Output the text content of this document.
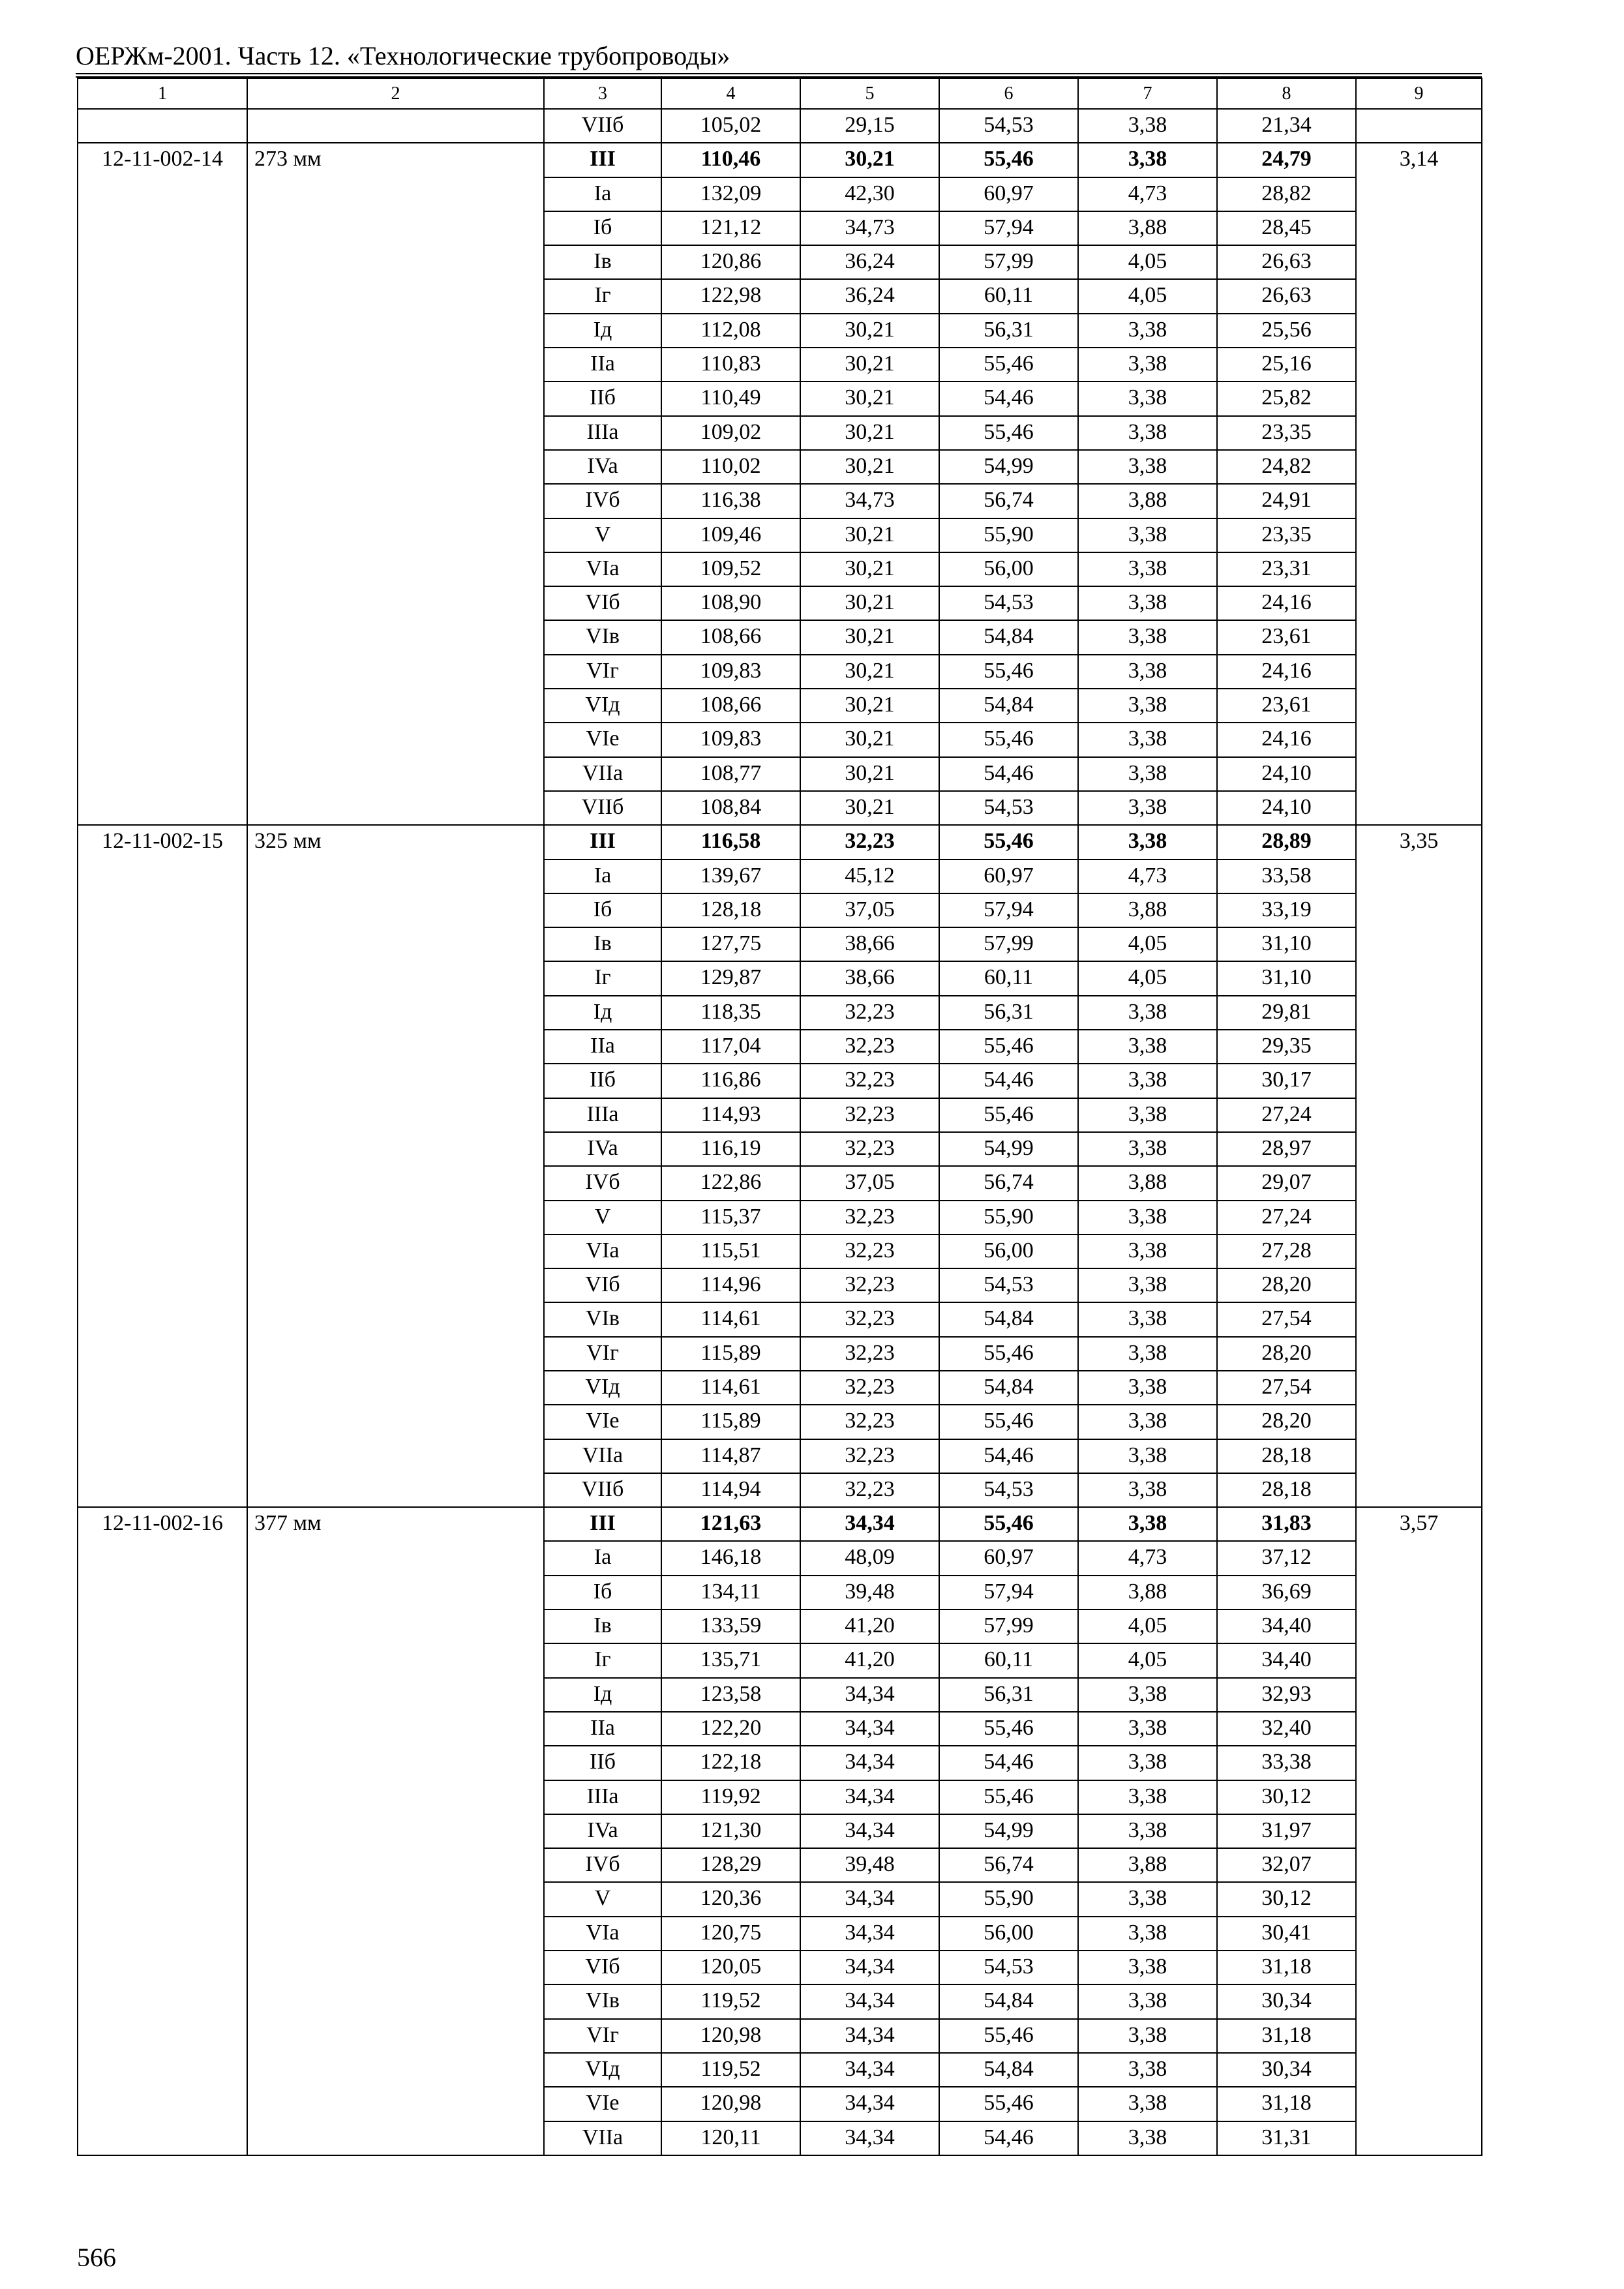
ОЕРЖм-2001. Часть 12. «Технологические трубопроводы»
1	2	3	4	5	6	7	8	9
		VIIб	105,02	29,15	54,53	3,38	21,34	
12-11-002-14	273 мм	III	110,46	30,21	55,46	3,38	24,79	3,14
		Ia	132,09	42,30	60,97	4,73	28,82	
		Iб	121,12	34,73	57,94	3,88	28,45	
		Iв	120,86	36,24	57,99	4,05	26,63	
		Iг	122,98	36,24	60,11	4,05	26,63	
		Iд	112,08	30,21	56,31	3,38	25,56	
		IIa	110,83	30,21	55,46	3,38	25,16	
		IIб	110,49	30,21	54,46	3,38	25,82	
		IIIa	109,02	30,21	55,46	3,38	23,35	
		IVa	110,02	30,21	54,99	3,38	24,82	
		IVб	116,38	34,73	56,74	3,88	24,91	
		V	109,46	30,21	55,90	3,38	23,35	
		VIa	109,52	30,21	56,00	3,38	23,31	
		VIб	108,90	30,21	54,53	3,38	24,16	
		VIв	108,66	30,21	54,84	3,38	23,61	
		VIг	109,83	30,21	55,46	3,38	24,16	
		VIд	108,66	30,21	54,84	3,38	23,61	
		VIe	109,83	30,21	55,46	3,38	24,16	
		VIIa	108,77	30,21	54,46	3,38	24,10	
		VIIб	108,84	30,21	54,53	3,38	24,10	
12-11-002-15	325 мм	III	116,58	32,23	55,46	3,38	28,89	3,35
		Ia	139,67	45,12	60,97	4,73	33,58	
		Iб	128,18	37,05	57,94	3,88	33,19	
		Iв	127,75	38,66	57,99	4,05	31,10	
		Iг	129,87	38,66	60,11	4,05	31,10	
		Iд	118,35	32,23	56,31	3,38	29,81	
		IIa	117,04	32,23	55,46	3,38	29,35	
		IIб	116,86	32,23	54,46	3,38	30,17	
		IIIa	114,93	32,23	55,46	3,38	27,24	
		IVa	116,19	32,23	54,99	3,38	28,97	
		IVб	122,86	37,05	56,74	3,88	29,07	
		V	115,37	32,23	55,90	3,38	27,24	
		VIa	115,51	32,23	56,00	3,38	27,28	
		VIб	114,96	32,23	54,53	3,38	28,20	
		VIв	114,61	32,23	54,84	3,38	27,54	
		VIг	115,89	32,23	55,46	3,38	28,20	
		VIд	114,61	32,23	54,84	3,38	27,54	
		VIe	115,89	32,23	55,46	3,38	28,20	
		VIIa	114,87	32,23	54,46	3,38	28,18	
		VIIб	114,94	32,23	54,53	3,38	28,18	
12-11-002-16	377 мм	III	121,63	34,34	55,46	3,38	31,83	3,57
		Ia	146,18	48,09	60,97	4,73	37,12	
		Iб	134,11	39,48	57,94	3,88	36,69	
		Iв	133,59	41,20	57,99	4,05	34,40	
		Iг	135,71	41,20	60,11	4,05	34,40	
		Iд	123,58	34,34	56,31	3,38	32,93	
		IIa	122,20	34,34	55,46	3,38	32,40	
		IIб	122,18	34,34	54,46	3,38	33,38	
		IIIa	119,92	34,34	55,46	3,38	30,12	
		IVa	121,30	34,34	54,99	3,38	31,97	
		IVб	128,29	39,48	56,74	3,88	32,07	
		V	120,36	34,34	55,90	3,38	30,12	
		VIa	120,75	34,34	56,00	3,38	30,41	
		VIб	120,05	34,34	54,53	3,38	31,18	
		VIв	119,52	34,34	54,84	3,38	30,34	
		VIг	120,98	34,34	55,46	3,38	31,18	
		VIд	119,52	34,34	54,84	3,38	30,34	
		VIe	120,98	34,34	55,46	3,38	31,18	
		VIIa	120,11	34,34	54,46	3,38	31,31	
566
